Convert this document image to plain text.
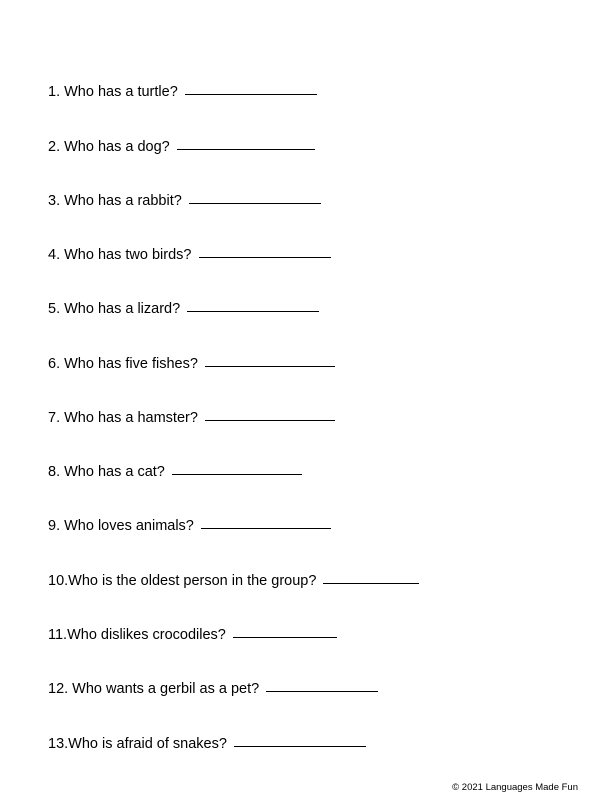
1. Who has a turtle?
2. Who has a dog?
3. Who has a rabbit?
4. Who has two birds?
5. Who has a lizard?
6. Who has five fishes?
7. Who has a hamster?
8. Who has a cat?
9. Who loves animals?
10.Who is the oldest person in the group?
11.Who dislikes crocodiles?
12. Who wants a gerbil as a pet?
13.Who is afraid of snakes?
© 2021 Languages Made Fun
